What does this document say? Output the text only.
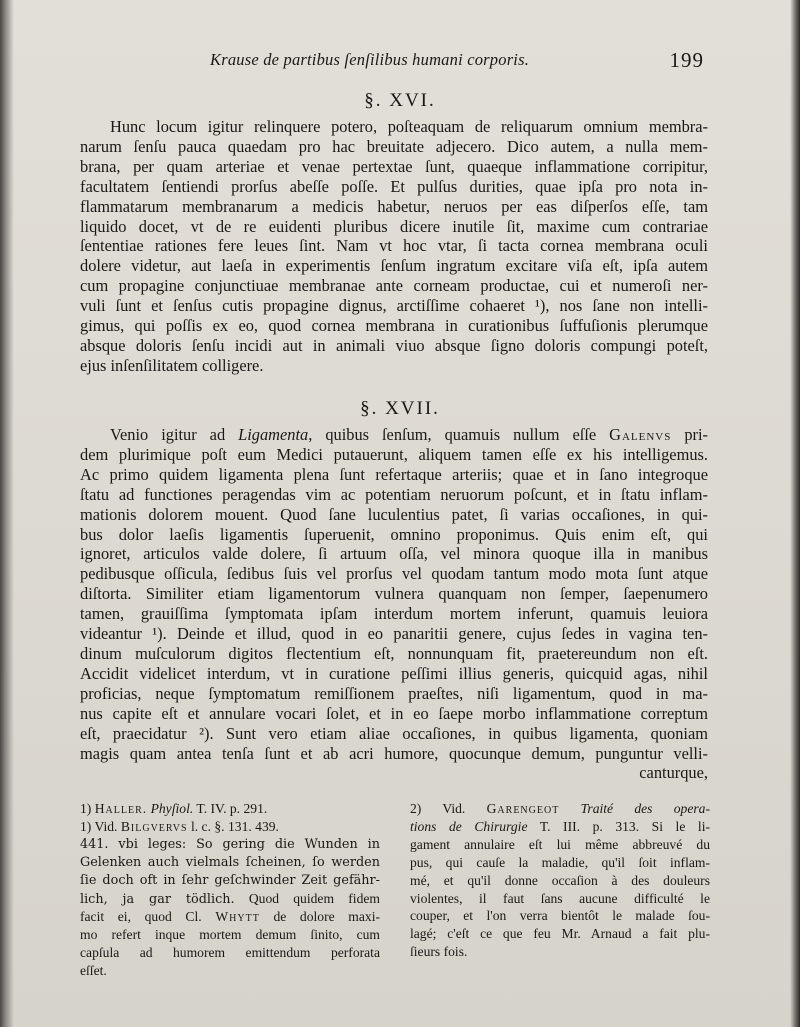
Krause de partibus ſenſilibus humani corporis.	199
§. XVI.
Hunc locum igitur relinquere potero, poſteaquam de reliquarum omnium membra-
narum ſenſu pauca quaedam pro hac breuitate adjecero. Dico autem, a nulla mem-
brana, per quam arteriae et venae pertextae ſunt, quaeque inflammatione corripitur,
facultatem ſentiendi prorſus abeſſe poſſe. Et pulſus durities, quae ipſa pro nota in-
flammatarum membranarum a medicis habetur, neruos per eas diſperſos eſſe, tam
liquido docet, vt de re euidenti pluribus dicere inutile ſit, maxime cum contrariae
ſententiae rationes fere leues ſint. Nam vt hoc vtar, ſi tacta cornea membrana oculi
dolere videtur, aut laeſa in experimentis ſenſum ingratum excitare viſa eſt, ipſa autem
cum propagine conjunctiuae membranae ante corneam productae, cui et numeroſi ner-
vuli ſunt et ſenſus cutis propagine dignus, arctiſſime cohaeret ¹), nos ſane non intelli-
gimus, qui poſſis ex eo, quod cornea membrana in curationibus ſuffuſionis plerumque
absque doloris ſenſu incidi aut in animali viuo absque ſigno doloris compungi poteſt,
ejus inſenſilitatem colligere.
§. XVII.
Venio igitur ad Ligamenta, quibus ſenſum, quamuis nullum eſſe Galenvs pri-
dem plurimique poſt eum Medici putauerunt, aliquem tamen eſſe ex his intelligemus.
Ac primo quidem ligamenta plena ſunt refertaque arteriis; quae et in ſano integroque
ſtatu ad functiones peragendas vim ac potentiam neruorum poſcunt, et in ſtatu inflam-
mationis dolorem mouent. Quod ſane luculentius patet, ſi varias occaſiones, in qui-
bus dolor laeſis ligamentis ſuperuenit, omnino proponimus. Quis enim eſt, qui
ignoret, articulos valde dolere, ſi artuum oſſa, vel minora quoque illa in manibus
pedibusque oſſicula, ſedibus ſuis vel prorſus vel quodam tantum modo mota ſunt atque
diſtorta. Similiter etiam ligamentorum vulnera quanquam non ſemper, ſaepenumero
tamen, grauiſſima ſymptomata ipſam interdum mortem inferunt, quamuis leuiora
videantur ¹). Deinde et illud, quod in eo panaritii genere, cujus ſedes in vagina ten-
dinum muſculorum digitos flectentium eſt, nonnunquam fit, praetereundum non eſt.
Accidit videlicet interdum, vt in curatione peſſimi illius generis, quicquid agas, nihil
proficias, neque ſymptomatum remiſſionem praeſtes, niſi ligamentum, quod in ma-
nus capite eſt et annulare vocari ſolet, et in eo ſaepe morbo inflammatione correptum
eſt, praecidatur ²). Sunt vero etiam aliae occaſiones, in quibus ligamenta, quoniam
magis quam antea tenſa ſunt et ab acri humore, quocunque demum, punguntur velli-
canturque,
1) Haller. Phyſiol. T. IV. p. 291.
1) Vid. Bilgvervs l. c. §. 131. 439.
441. vbi leges: So gering die Wunden in
Gelenken auch vielmals ſcheinen, ſo werden
ſie doch oft in ſehr geſchwinder Zeit gefähr-
lich, ja gar tödlich. Quod quidem fidem
facit ei, quod Cl. Whytt de dolore maxi-
mo refert inque mortem demum ſinito, cum
capſula ad humorem emittendum perforata
eſſet.
2) Vid. Garengeot Traité des opera-
tions de Chirurgie T. III. p. 313. Si le li-
gament annulaire eſt lui même abbreuvé du
pus, qui cauſe la maladie, qu'il ſoit inflam-
mé, et qu'il donne occaſion à des douleurs
violentes, il faut ſans aucune difficulté le
couper, et l'on verra bientôt le malade ſou-
lagé; c'eſt ce que feu Mr. Arnaud a fait plu-
ſieurs fois.
